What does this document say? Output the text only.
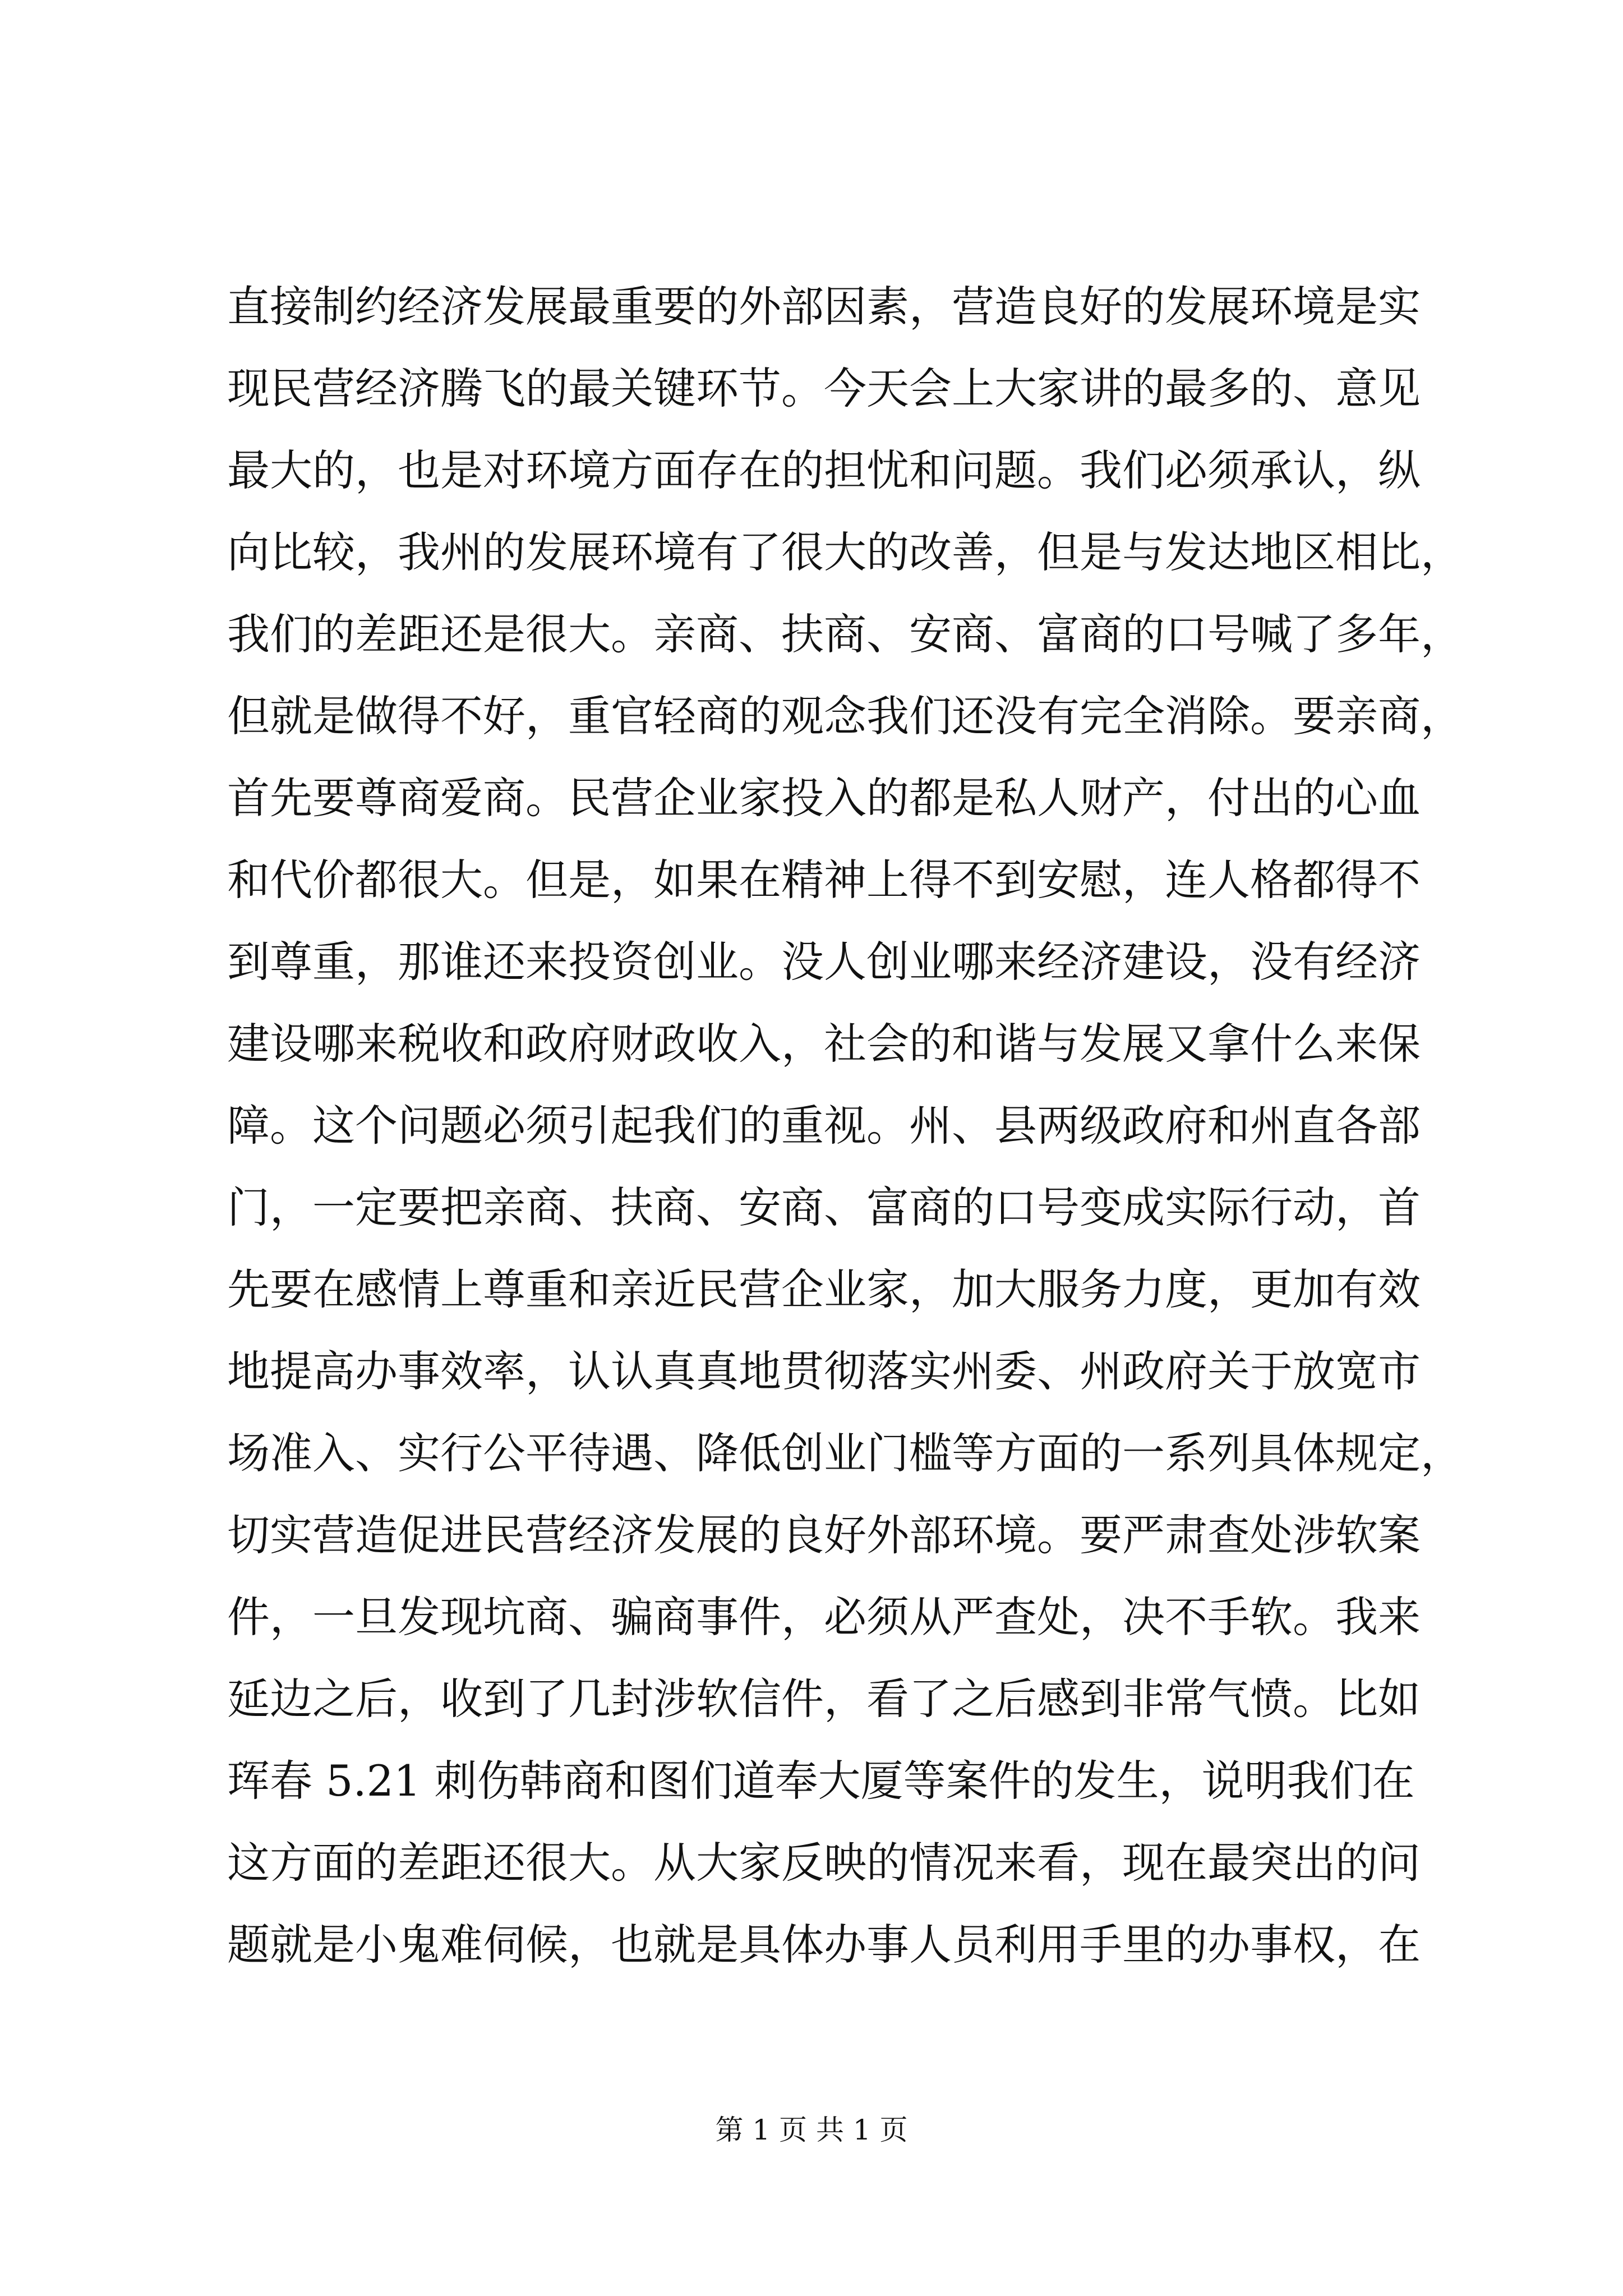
直接制约经济发展最重要的外部因素，营造良好的发展环境是实
现民营经济腾飞的最关键环节。今天会上大家讲的最多的、意见
最大的，也是对环境方面存在的担忧和问题。我们必须承认，纵
向比较，我州的发展环境有了很大的改善，但是与发达地区相比，
我们的差距还是很大。亲商、扶商、安商、富商的口号喊了多年，
但就是做得不好，重官轻商的观念我们还没有完全消除。要亲商，
首先要尊商爱商。民营企业家投入的都是私人财产，付出的心血
和代价都很大。但是，如果在精神上得不到安慰，连人格都得不
到尊重，那谁还来投资创业。没人创业哪来经济建设，没有经济
建设哪来税收和政府财政收入，社会的和谐与发展又拿什么来保
障。这个问题必须引起我们的重视。州、县两级政府和州直各部
门，一定要把亲商、扶商、安商、富商的口号变成实际行动，首
先要在感情上尊重和亲近民营企业家，加大服务力度，更加有效
地提高办事效率，认认真真地贯彻落实州委、州政府关于放宽市
场准入、实行公平待遇、降低创业门槛等方面的一系列具体规定，
切实营造促进民营经济发展的良好外部环境。要严肃查处涉软案
件，一旦发现坑商、骗商事件，必须从严查处，决不手软。我来
延边之后，收到了几封涉软信件，看了之后感到非常气愤。比如
珲春 5.21 刺伤韩商和图们道奉大厦等案件的发生，说明我们在
这方面的差距还很大。从大家反映的情况来看，现在最突出的问
题就是小鬼难伺候，也就是具体办事人员利用手里的办事权，在
第 1 页 共 1 页
